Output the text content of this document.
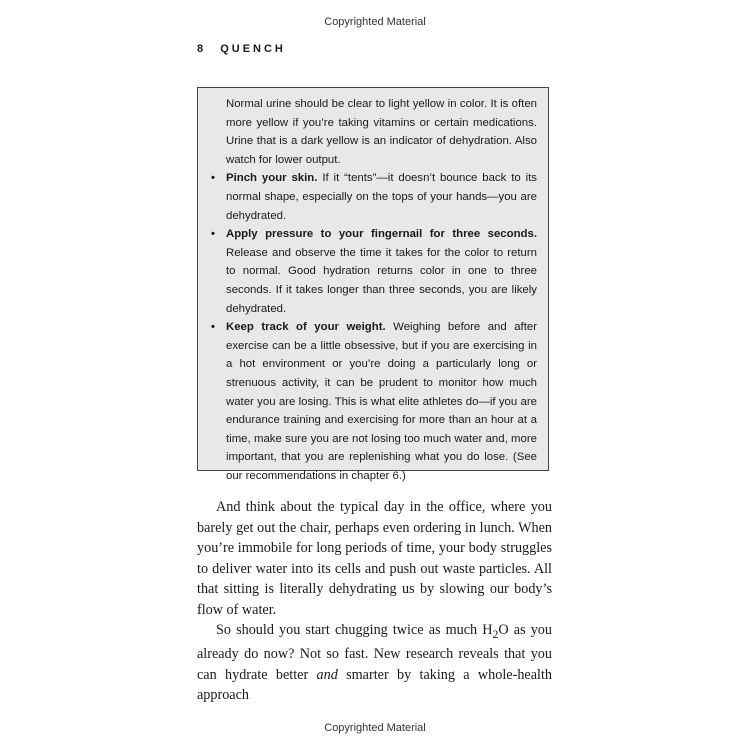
Copyrighted Material
8 QUENCH

Normal urine should be clear to light yellow in color. It is often more yellow if you’re taking vitamins or certain medications. Urine that is a dark yellow is an indicator of dehydration. Also watch for lower output.

• Pinch your skin. If it “tents”—it doesn’t bounce back to its normal shape, especially on the tops of your hands—you are dehydrated.
• Apply pressure to your fingernail for three seconds. Release and observe the time it takes for the color to return to normal. Good hydration returns color in one to three seconds. If it takes longer than three seconds, you are likely dehydrated.
• Keep track of your weight. Weighing before and after exercise can be a little obsessive, but if you are exercising in a hot environment or you’re doing a particularly long or strenuous activity, it can be prudent to monitor how much water you are losing. This is what elite athletes do—if you are endurance training and exercising for more than an hour at a time, make sure you are not losing too much water and, more important, that you are replenishing what you do lose. (See our recommendations in chapter 6.)

And think about the typical day in the office, where you barely get out the chair, perhaps even ordering in lunch. When you’re immobile for long periods of time, your body struggles to deliver water into its cells and push out waste particles. All that sitting is literally dehydrating us by slowing our body’s flow of water.

So should you start chugging twice as much $H_2O$ as you already do now? Not so fast. New research reveals that you can hydrate better and smarter by taking a whole-health approach

Copyrighted Material
